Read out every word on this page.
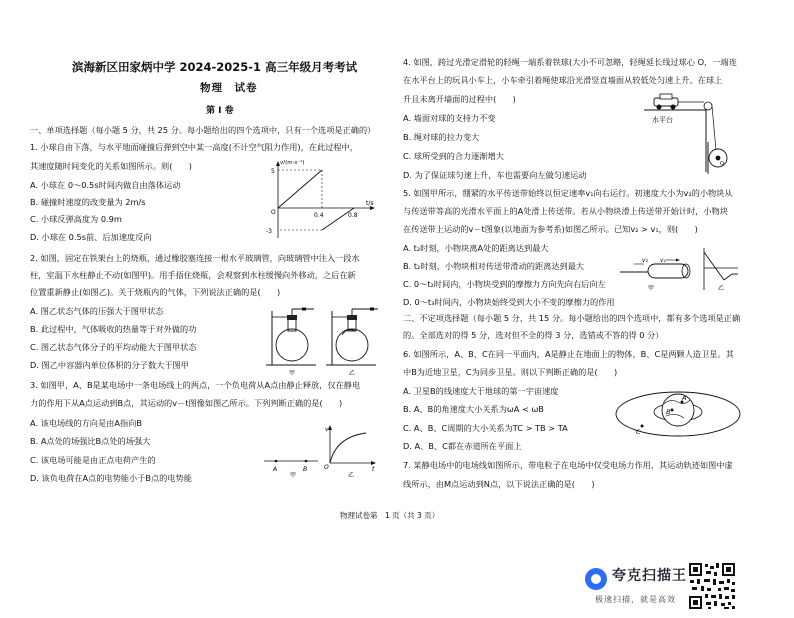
滨海新区田家炳中学 2024-2025-1 高三年级月考考试
物理　试卷
第 I 卷
一、单项选择题（每小题 5 分，共 25 分。每小题给出的四个选项中，只有一个选项是正确的）
1. 小球自由下落，与水平地面碰撞后弹到空中某一高度(不计空气阻力作用)，在此过程中，
其速度随时间变化的关系如图所示。则(　　)
A. 小球在 0～0.5s时间内做自由落体运动
B. 碰撞时速度的改变量为 2m/s
C. 小球反弹高度为 0.9m
D. 小球在 0.5s前、后加速度反向
v/(m·s⁻¹)
5
O
-3
0.4	0.8
t/s
2. 如图，固定在铁架台上的烧瓶，通过橡胶塞连接一根水平玻璃管，向玻璃管中注入一段水
柱，室温下水柱静止不动(如图甲)。用手捂住烧瓶，会观察到水柱缓慢向外移动，之后在新
位置重新静止(如图乙)。关于烧瓶内的气体，下列说法正确的是(　　)
A. 图乙状态气体的压强大于图甲状态
B. 此过程中，气体吸收的热量等于对外做的功
C. 图乙状态气体分子的平均动能大于图甲状态
D. 图乙中容器内单位体积的分子数大于图甲
甲	乙
3. 如图甲，A、B是某电场中一条电场线上的两点，一个负电荷从A点由静止释放，仅在静电
力的作用下从A点运动到B点，其运动的v－t图像如图乙所示。下列判断正确的是(　　)
A. 该电场线的方向是由A指向B
B. A点处的场强比B点处的场强大
C. 该电场可能是由正点电荷产生的
D. 该负电荷在A点的电势能小于B点的电势能
A	B
甲
v
O	t
乙
4. 如图，跨过光滑定滑轮的轻绳一端系着铁球(大小不可忽略，轻绳延长线过球心 O，一端连
在水平台上的玩具小车上，小车牵引着绳使球沿光滑竖直墙面从较低处匀速上升。在球上
升且未离开墙面的过程中(　　)
A. 墙面对球的支持力不变
B. 绳对球的拉力变大
C. 球所受到的合力逐渐增大
D. 为了保证球匀速上升，车也需要向左做匀速运动
O
水平台
5. 如图甲所示，绷紧的水平传送带始终以恒定速率v₁向右运行。初速度大小为v₂的小物块从
与传送带等高的光滑水平面上的A处滑上传送带。若从小物块滑上传送带开始计时，小物块
在传送带上运动的v－t图象(以地面为参考系)如图乙所示。已知v₂ > v₁，则(　　)
A. t₂时刻，小物块离A处的距离达到最大
B. t₂时刻，小物块相对传送带滑动的距离达到最大
C. 0～t₂时间内，小物块受到的摩擦力方向先向右后向左
D. 0～t₃时间内，小物块始终受到大小不变的摩擦力的作用
v₂ v₁
甲	乙
二、不定项选择题（每小题 5 分，共 15 分。每小题给出的四个选项中，都有多个选项是正确
的。全部选对的得 5 分，选对但不全的得 3 分，选错或不答的得 0 分）
6. 如图所示，A、B、C在同一平面内，A是静止在地面上的物体，B、C是两颗人造卫星。其
中B为近地卫星，C为同步卫星。则以下判断正确的是(　　)
A. 卫星B的线速度大于地球的第一宇宙速度
B. A、B的角速度大小关系为ωA < ωB
C. A、B、C周期的大小关系为TC > TB > TA
D. A、B、C都在赤道所在平面上
B
A
C
7. 某静电场中的电场线如图所示，带电粒子在电场中仅受电场力作用，其运动轨迹如图中虚
线所示，由M点运动到N点，以下说法正确的是(　　)
物理试卷第　1 页（共 3 页）
夸克扫描王
极速扫描，就是高效
